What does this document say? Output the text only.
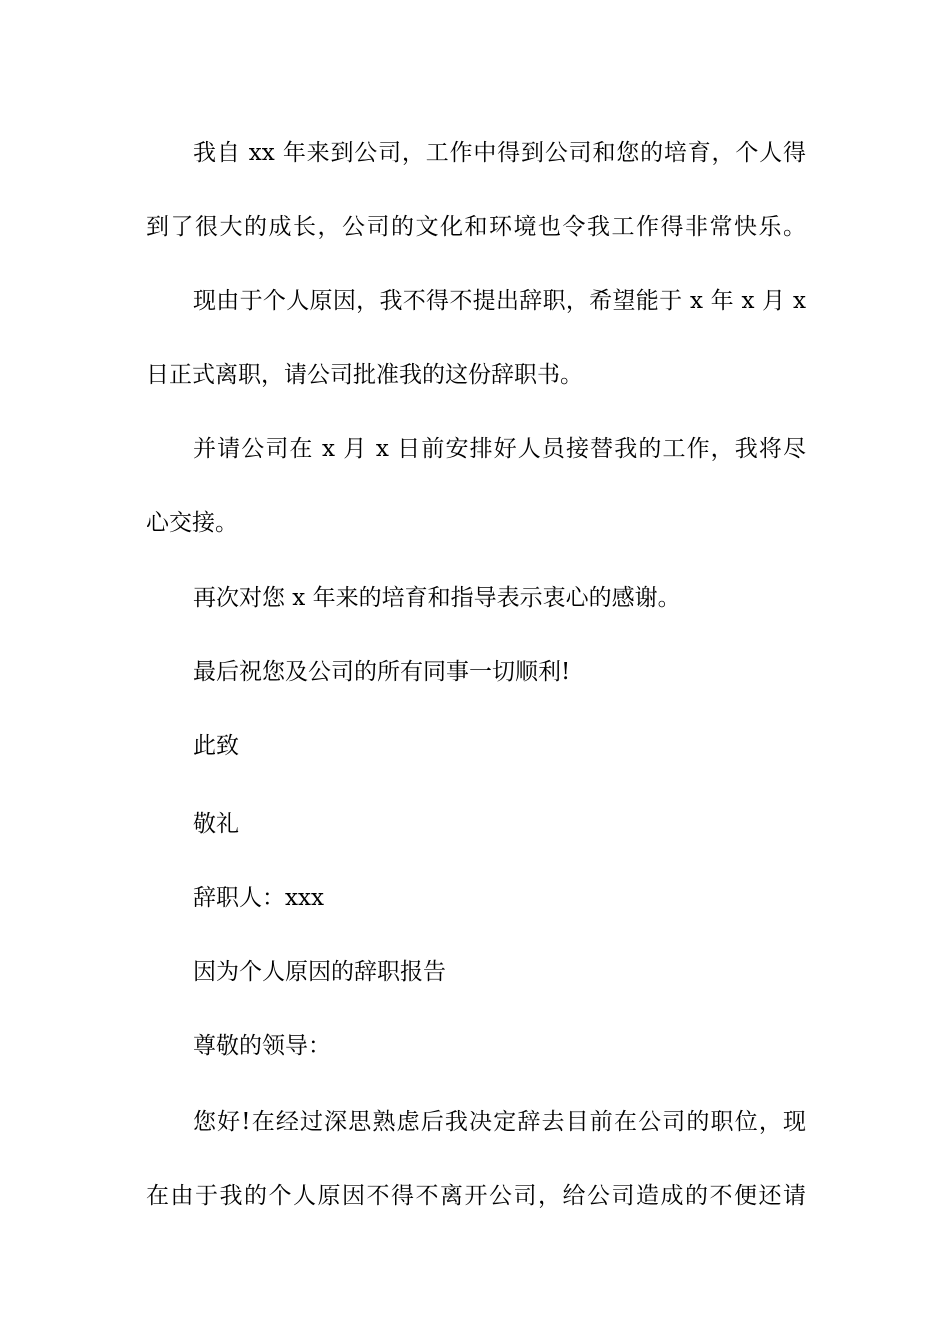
我自 xx 年来到公司，工作中得到公司和您的培育，个人得
到了很大的成长，公司的文化和环境也令我工作得非常快乐。
现由于个人原因，我不得不提出辞职，希望能于 x 年 x 月 x
日正式离职，请公司批准我的这份辞职书。
并请公司在 x 月 x 日前安排好人员接替我的工作，我将尽
心交接。
再次对您 x 年来的培育和指导表示衷心的感谢。
最后祝您及公司的所有同事一切顺利!
此致
敬礼
辞职人：xxx
因为个人原因的辞职报告
尊敬的领导：
您好!在经过深思熟虑后我决定辞去目前在公司的职位，现
在由于我的个人原因不得不离开公司，给公司造成的不便还请
